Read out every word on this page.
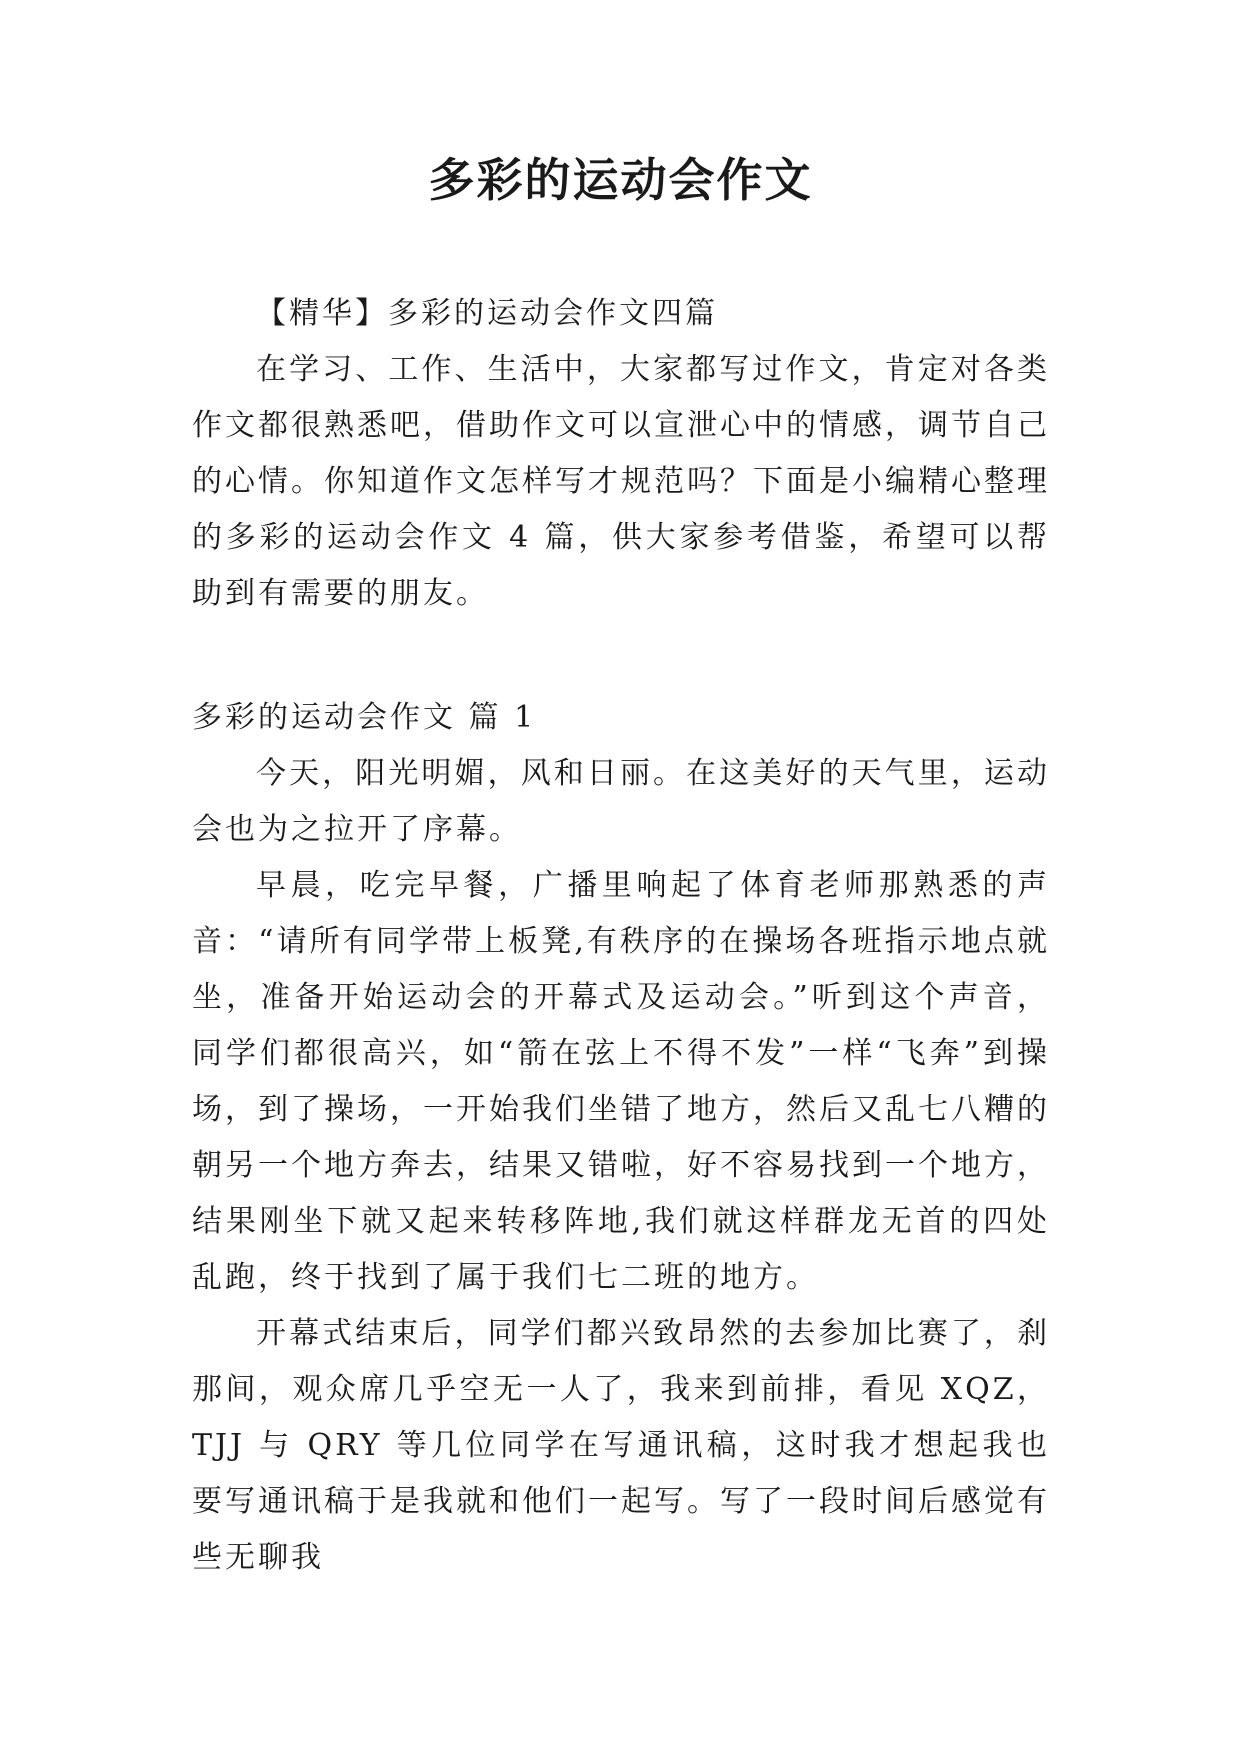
多彩的运动会作文

【精华】多彩的运动会作文四篇

在学习、工作、生活中，大家都写过作文，肯定对各类作文都很熟悉吧，借助作文可以宣泄心中的情感，调节自己的心情。你知道作文怎样写才规范吗？下面是小编精心整理的多彩的运动会作文 4 篇，供大家参考借鉴，希望可以帮助到有需要的朋友。

多彩的运动会作文 篇 1

今天，阳光明媚，风和日丽。在这美好的天气里，运动会也为之拉开了序幕。

早晨，吃完早餐，广播里响起了体育老师那熟悉的声音：“请所有同学带上板凳,有秩序的在操场各班指示地点就坐，准备开始运动会的开幕式及运动会。”听到这个声音，同学们都很高兴，如“箭在弦上不得不发”一样“飞奔”到操场，到了操场，一开始我们坐错了地方，然后又乱七八糟的朝另一个地方奔去，结果又错啦，好不容易找到一个地方，结果刚坐下就又起来转移阵地,我们就这样群龙无首的四处乱跑，终于找到了属于我们七二班的地方。

开幕式结束后，同学们都兴致昂然的去参加比赛了，刹那间，观众席几乎空无一人了，我来到前排，看见 XQZ，TJJ 与 QRY 等几位同学在写通讯稿，这时我才想起我也要写通讯稿于是我就和他们一起写。写了一段时间后感觉有些无聊我
